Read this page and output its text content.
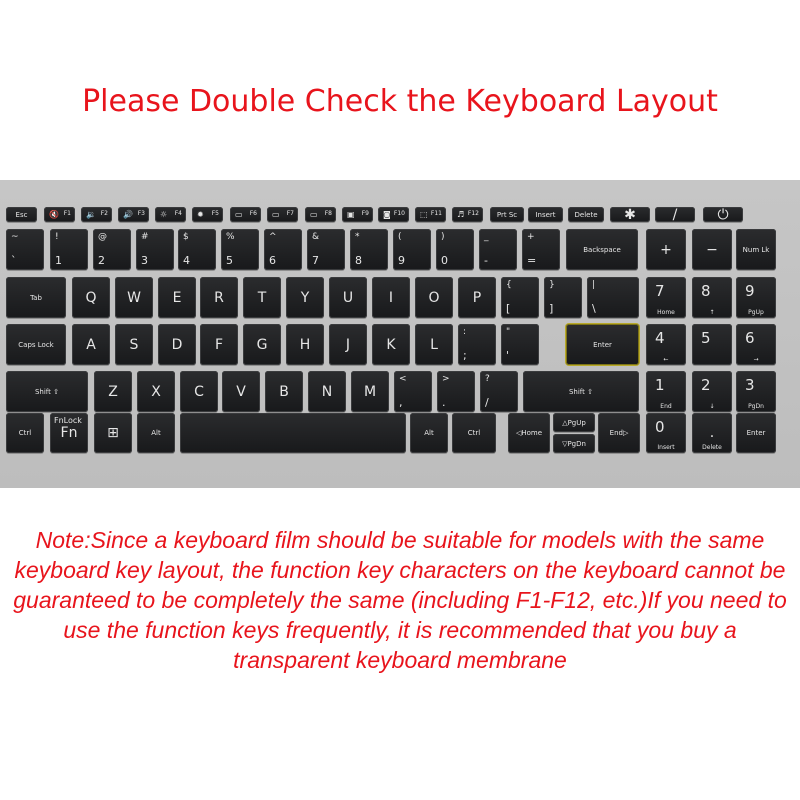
Please Double Check the Keyboard Layout
Esc	🔇 F1 🔉 F2 🔊 F3 ☼ F4 ✹ F5 ▭ F6 ▭ F7 ▭ F8 ▣ F9 ◙ F10 ⬚ F11 ♬ F12	Prt Sc	Insert	Delete	✱	/	⏻
~
`
!
1
@
2
#
3
$
4
%
5
^
6
&
7
*
8
(
9
)
0
_
-
+
=
Backspace	+	−	Num Lk
Tab	Q	W	E	R	T	Y	U	I	O	P
{
[
}
]
|
\
7
Home
8
↑
9
PgUp
Caps Lock	A	S	D	F	G	H	J	K	L
:
;
"
'
Enter	4
←
5 6
→
Shift ⇧	Z	X	C	V	B	N	M
<
,
>
.
?
/
Shift ⇧	1
End
2
↓
3
PgDn
Ctrl	Fn
FnLock
⊞	Alt	Alt	Ctrl	◁Home
△PgUp
▽PgDn
End▷	0
Insert
.
Delete
Enter
Note:Since a keyboard film should be suitable for models with the same keyboard key layout, the function key characters on the keyboard cannot be guaranteed to be completely the same (including F1-F12, etc.)If you need to use the function keys frequently, it is recommended that you buy a transparent keyboard membrane
